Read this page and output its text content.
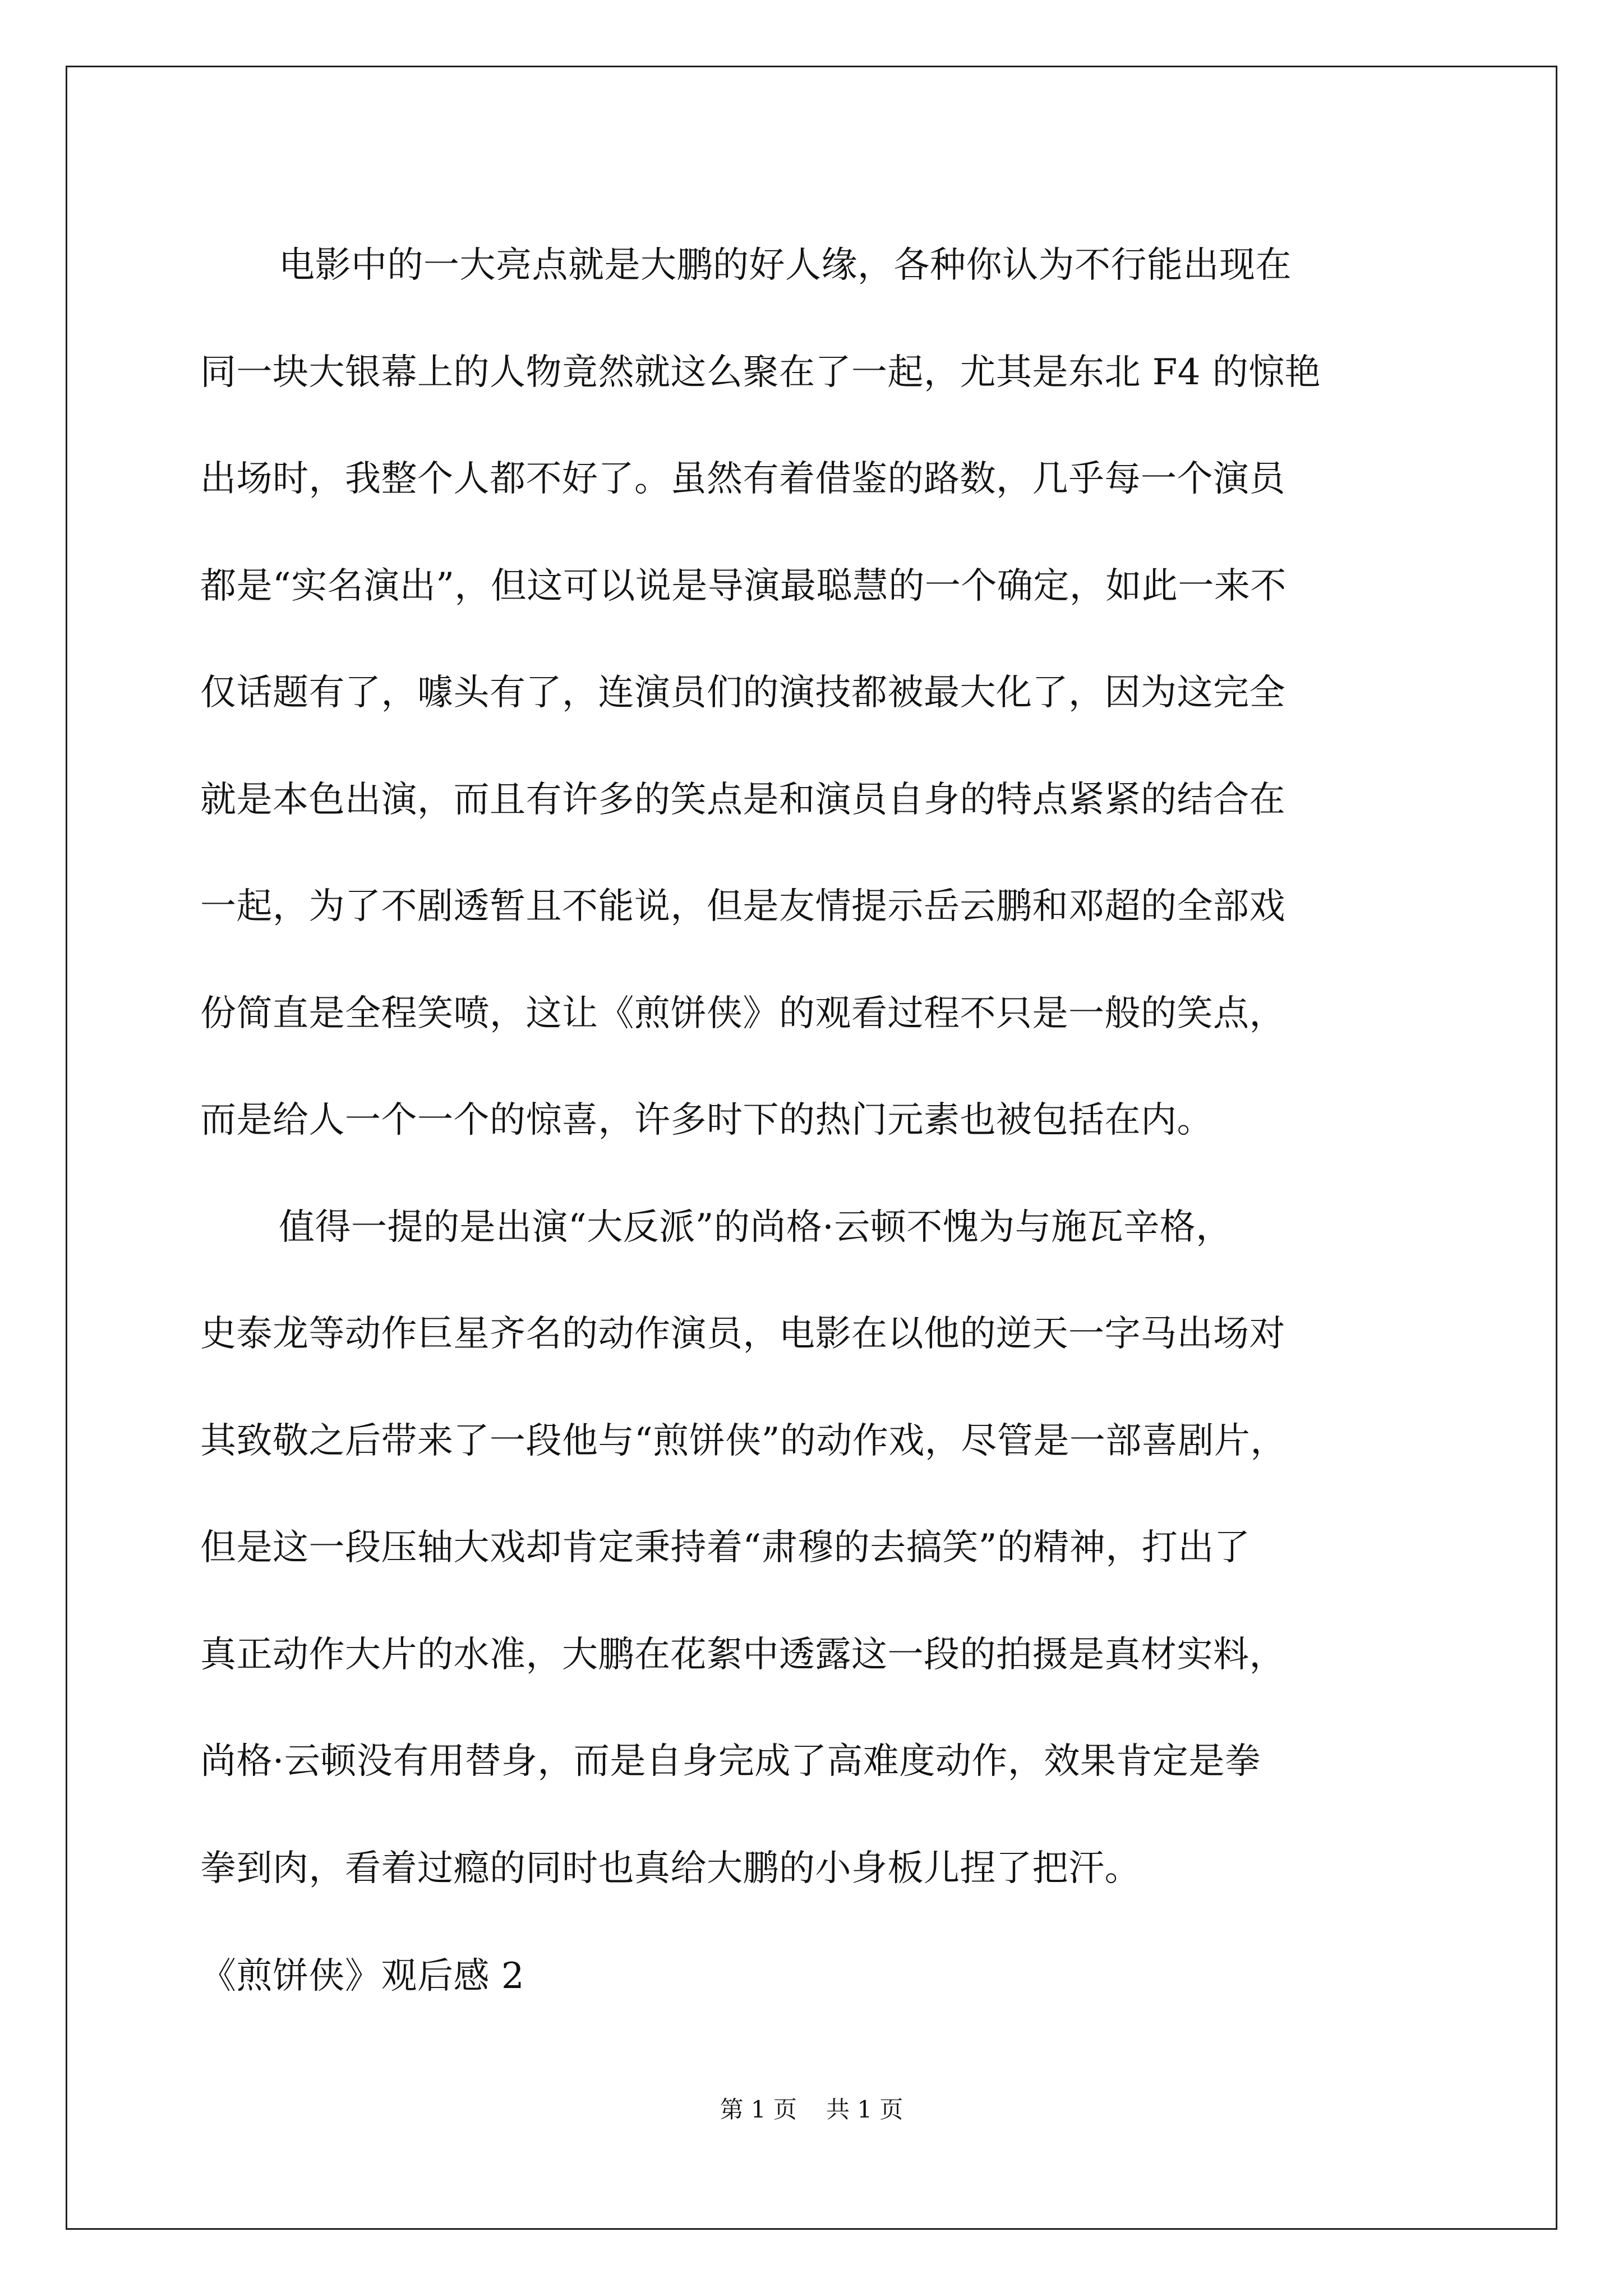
电影中的一大亮点就是大鹏的好人缘，各种你认为不行能出现在
同一块大银幕上的人物竟然就这么聚在了一起，尤其是东北 F4 的惊艳
出场时，我整个人都不好了。虽然有着借鉴的路数，几乎每一个演员
都是“实名演出”，但这可以说是导演最聪慧的一个确定，如此一来不
仅话题有了，噱头有了，连演员们的演技都被最大化了，因为这完全
就是本色出演，而且有许多的笑点是和演员自身的特点紧紧的结合在
一起，为了不剧透暂且不能说，但是友情提示岳云鹏和邓超的全部戏
份简直是全程笑喷，这让《煎饼侠》的观看过程不只是一般的笑点，
而是给人一个一个的惊喜，许多时下的热门元素也被包括在内。
值得一提的是出演“大反派”的尚格·云顿不愧为与施瓦辛格，
史泰龙等动作巨星齐名的动作演员，电影在以他的逆天一字马出场对
其致敬之后带来了一段他与“煎饼侠”的动作戏，尽管是一部喜剧片，
但是这一段压轴大戏却肯定秉持着“肃穆的去搞笑”的精神，打出了
真正动作大片的水准，大鹏在花絮中透露这一段的拍摄是真材实料，
尚格·云顿没有用替身，而是自身完成了高难度动作，效果肯定是拳
拳到肉，看着过瘾的同时也真给大鹏的小身板儿捏了把汗。
《煎饼侠》观后感 2
第 1 页 共 1 页
